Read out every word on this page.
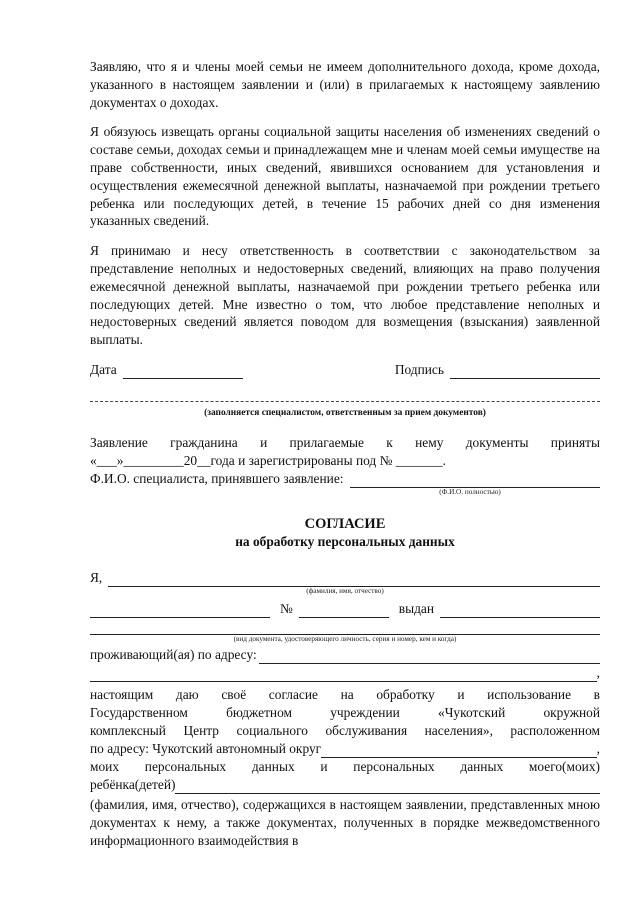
Заявляю, что я и члены моей семьи не имеем дополнительного дохода, кроме дохода, указанного в настоящем заявлении и (или) в прилагаемых к настоящему заявлению документах о доходах.

Я обязуюсь извещать органы социальной защиты населения об изменениях сведений о составе семьи, доходах семьи и принадлежащем мне и членам моей семьи имуществе на праве собственности, иных сведений, явившихся основанием для установления и осуществления ежемесячной денежной выплаты, назначаемой при рождении третьего ребенка или последующих детей, в течение 15 рабочих дней со дня изменения указанных сведений.

Я принимаю и несу ответственность в соответствии с законодательством за представление неполных и недостоверных сведений, влияющих на право получения ежемесячной денежной выплаты, назначаемой при рождении третьего ребенка или последующих детей. Мне известно о том, что любое представление неполных и недостоверных сведений является поводом для возмещения (взыскания) заявленной выплаты.

Дата	Подпись
(заполняется специалистом, ответственным за прием документов)
Заявление гражданина и прилагаемые к нему документы приняты
«___»_________20__года и зарегистрированы под № _______.
Ф.И.О. специалиста, принявшего заявление:
(Ф.И.О. полностью)
СОГЛАСИЕ
на обработку персональных данных
Я,
(фамилия, имя, отчество)
№	выдан
(вид документа, удостоверяющего личность, серия и номер, кем и когда)
проживающий(ая) по адресу:
,
настоящим даю своё согласие на обработку и использование в
Государственном бюджетном учреждении «Чукотский окружной
комплексный Центр социального обслуживания населения», расположенном
по адресу: Чукотский автономный округ	,
моих персональных данных и персональных данных моего(моих)
ребёнка(детей)

(фамилия, имя, отчество), содержащихся в настоящем заявлении, представленных мною документах к нему, а также документах, полученных в порядке межведомственного информационного взаимодействия в
